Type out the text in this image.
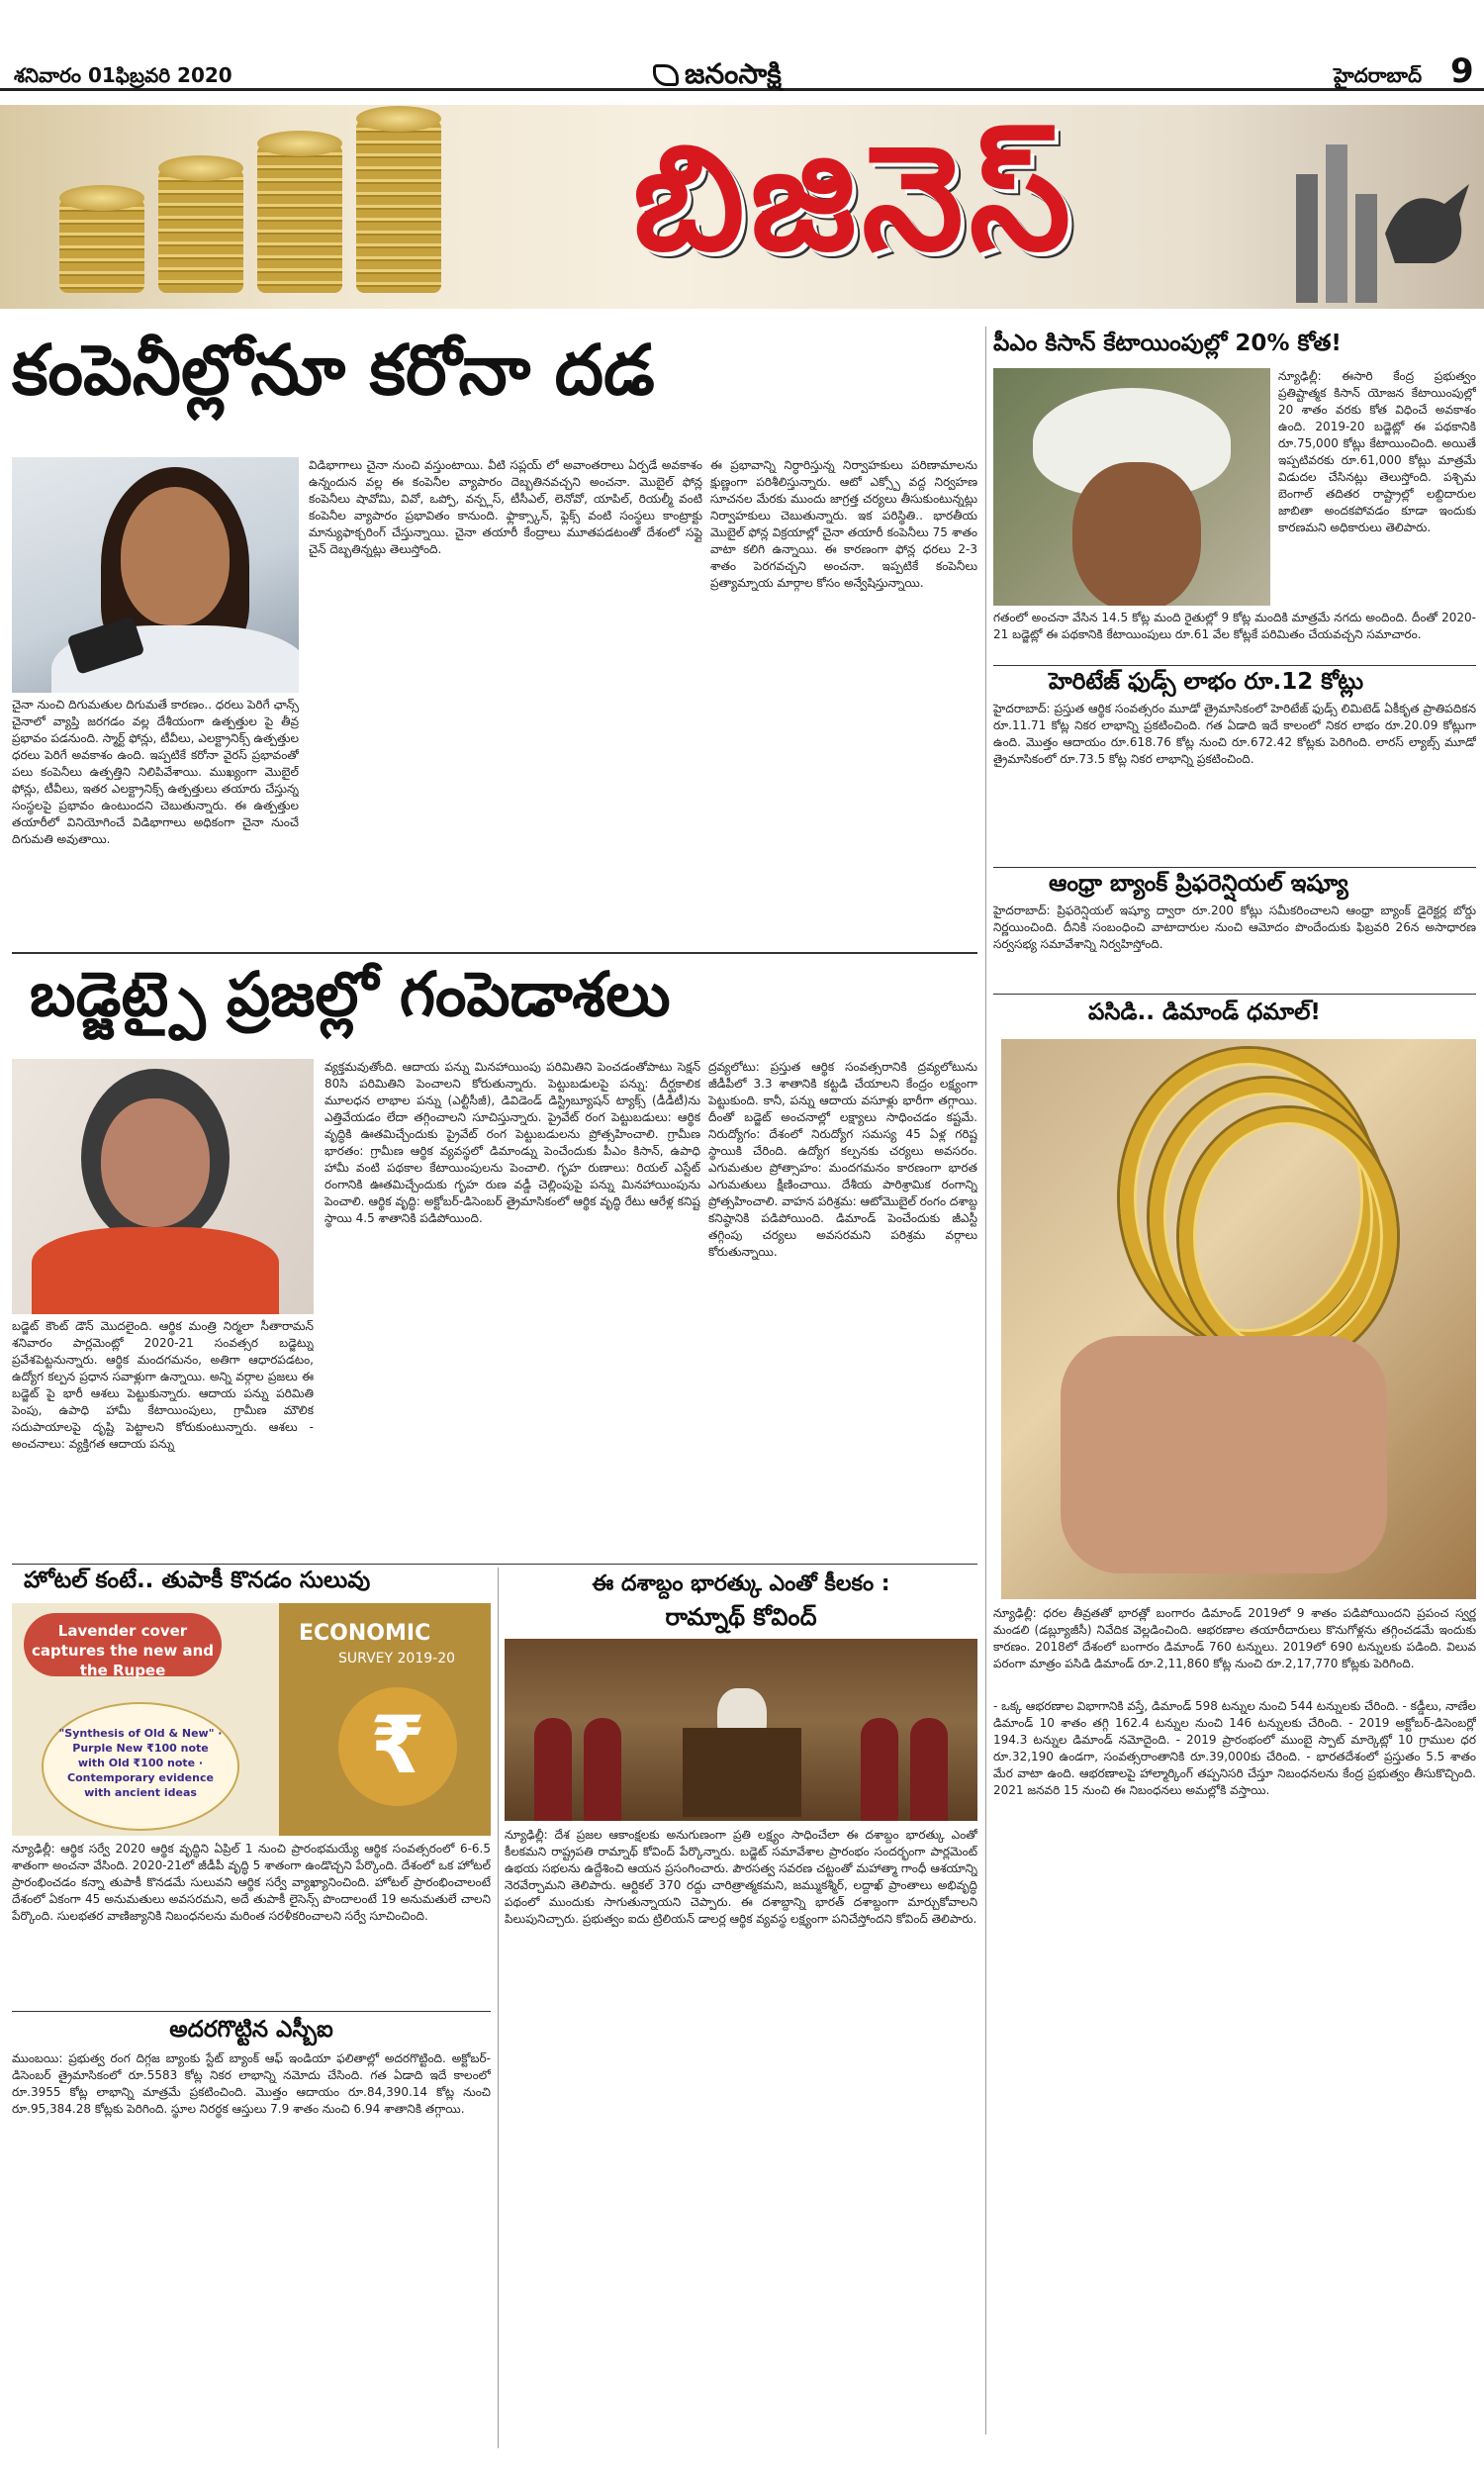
శనివారం 01ఫిబ్రవరి 2020	జనంసాక్షి	హైదరాబాద్ 9
బిజినెస్
కంపెనీల్లోనూ కరోనా దడ
చైనా నుంచి దిగుమతుల దిగుమతే కారణం.. ధరలు పెరిగే ఛాన్స్ చైనాలో వ్యాప్తి జరగడం వల్ల దేశీయంగా ఉత్పత్తుల పై తీవ్ర ప్రభావం పడనుంది. స్మార్ట్ ఫోన్లు, టీవీలు, ఎలక్ట్రానిక్స్ ఉత్పత్తుల ధరలు పెరిగే అవకాశం ఉంది. ఇప్పటికే కరోనా వైరస్ ప్రభావంతో పలు కంపెనీలు ఉత్పత్తిని నిలిపివేశాయి. ముఖ్యంగా మొబైల్ ఫోన్లు, టీవీలు, ఇతర ఎలక్ట్రానిక్స్ ఉత్పత్తులు తయారు చేస్తున్న సంస్థలపై ప్రభావం ఉంటుందని చెబుతున్నారు. ఈ ఉత్పత్తుల తయారీలో వినియోగించే విడిభాగాలు అధికంగా చైనా నుంచే దిగుమతి అవుతాయి.
విడిభాగాలు చైనా నుంచి వస్తుంటాయి. వీటి సప్లయ్ లో అవాంతరాలు ఏర్పడే అవకాశం ఉన్నందున వల్ల ఈ కంపెనీల వ్యాపారం దెబ్బతినవచ్చని అంచనా. మొబైల్ ఫోన్ల కంపెనీలు షావోమి, వివో, ఒప్పో, వన్ప్లస్, టీసీఎల్, లెనోవో, యాపిల్, రియల్మీ వంటి కంపెనీల వ్యాపారం ప్రభావితం కానుంది. ఫ్లాక్స్కాన్, ఫ్లెక్స్ వంటి సంస్థలు కాంట్రాక్టు మాన్యుఫాక్చరింగ్ చేస్తున్నాయి. చైనా తయారీ కేంద్రాలు మూతపడటంతో దేశంలో సప్లై చైన్ దెబ్బతిన్నట్లు తెలుస్తోంది.
ఈ ప్రభావాన్ని నిర్ధారిస్తున్న నిర్వాహకులు పరిణామాలను క్షుణ్ణంగా పరిశీలిస్తున్నారు. ఆటో ఎక్స్పో వద్ద నిర్వహణ సూచనల మేరకు ముందు జాగ్రత్త చర్యలు తీసుకుంటున్నట్లు నిర్వాహకులు చెబుతున్నారు. ఇక పరిస్థితి.. భారతీయ మొబైల్ ఫోన్ల విక్రయాల్లో చైనా తయారీ కంపెనీలు 75 శాతం వాటా కలిగి ఉన్నాయి. ఈ కారణంగా ఫోన్ల ధరలు 2-3 శాతం పెరగవచ్చని అంచనా. ఇప్పటికే కంపెనీలు ప్రత్యామ్నాయ మార్గాల కోసం అన్వేషిస్తున్నాయి.
పీఎం కిసాన్ కేటాయింపుల్లో 20% కోత!
న్యూఢిల్లీ: ఈసారి కేంద్ర ప్రభుత్వం ప్రతిష్టాత్మక కిసాన్ యోజన కేటాయింపుల్లో 20 శాతం వరకు కోత విధించే అవకాశం ఉంది. 2019-20 బడ్జెట్లో ఈ పథకానికి రూ.75,000 కోట్లు కేటాయించింది. అయితే ఇప్పటివరకు రూ.61,000 కోట్లు మాత్రమే విడుదల చేసినట్లు తెలుస్తోంది. పశ్చిమ బెంగాల్ తదితర రాష్ట్రాల్లో లబ్దిదారుల జాబితా అందకపోవడం కూడా ఇందుకు కారణమని అధికారులు తెలిపారు.
గతంలో అంచనా వేసిన 14.5 కోట్ల మంది రైతుల్లో 9 కోట్ల మందికి మాత్రమే నగదు అందింది. దీంతో 2020-21 బడ్జెట్లో ఈ పథకానికి కేటాయింపులు రూ.61 వేల కోట్లకే పరిమితం చేయవచ్చని సమాచారం.
హెరిటేజ్ ఫుడ్స్ లాభం రూ.12 కోట్లు
హైదరాబాద్: ప్రస్తుత ఆర్థిక సంవత్సరం మూడో త్రైమాసికంలో హెరిటేజ్ ఫుడ్స్ లిమిటెడ్ ఏకీకృత ప్రాతిపదికన రూ.11.71 కోట్ల నికర లాభాన్ని ప్రకటించింది. గత ఏడాది ఇదే కాలంలో నికర లాభం రూ.20.09 కోట్లుగా ఉంది. మొత్తం ఆదాయం రూ.618.76 కోట్ల నుంచి రూ.672.42 కోట్లకు పెరిగింది. లారస్ ల్యాబ్స్ మూడో త్రైమాసికంలో రూ.73.5 కోట్ల నికర లాభాన్ని ప్రకటించింది.
ఆంధ్రా బ్యాంక్ ప్రిఫరెన్షియల్ ఇష్యూ
హైదరాబాద్: ప్రిఫరెన్షియల్ ఇష్యూ ద్వారా రూ.200 కోట్లు సమీకరించాలని ఆంధ్రా బ్యాంక్ డైరెక్టర్ల బోర్డు నిర్ణయించింది. దీనికి సంబంధించి వాటాదారుల నుంచి ఆమోదం పొందేందుకు ఫిబ్రవరి 26న అసాధారణ సర్వసభ్య సమావేశాన్ని నిర్వహిస్తోంది.
పసిడి.. డిమాండ్ ధమాల్!
న్యూఢిల్లీ: ధరల తీవ్రతతో భారత్లో బంగారం డిమాండ్ 2019లో 9 శాతం పడిపోయిందని ప్రపంచ స్వర్ణ మండలి (డబ్ల్యూజీసీ) నివేదిక వెల్లడించింది. ఆభరణాల తయారీదారులు కొనుగోళ్లను తగ్గించడమే ఇందుకు కారణం. 2018లో దేశంలో బంగారం డిమాండ్ 760 టన్నులు. 2019లో 690 టన్నులకు పడింది. విలువ పరంగా మాత్రం పసిడి డిమాండ్ రూ.2,11,860 కోట్ల నుంచి రూ.2,17,770 కోట్లకు పెరిగింది.
- ఒక్క ఆభరణాల విభాగానికి వస్తే, డిమాండ్ 598 టన్నుల నుంచి 544 టన్నులకు చేరింది. - కడ్డీలు, నాణేల డిమాండ్ 10 శాతం తగ్గి 162.4 టన్నుల నుంచి 146 టన్నులకు చేరింది. - 2019 అక్టోబర్-డిసెంబర్లో 194.3 టన్నుల డిమాండ్ నమోదైంది. - 2019 ప్రారంభంలో ముంబై స్పాట్ మార్కెట్లో 10 గ్రాముల ధర రూ.32,190 ఉండగా, సంవత్సరాంతానికి రూ.39,000కు చేరింది. - భారతదేశంలో ప్రస్తుతం 5.5 శాతం మేర వాటా ఉంది. ఆభరణాలపై హాల్మార్కింగ్ తప్పనిసరి చేస్తూ నిబంధనలను కేంద్ర ప్రభుత్వం తీసుకొచ్చింది. 2021 జనవరి 15 నుంచి ఈ నిబంధనలు అమల్లోకి వస్తాయి.
బడ్జెట్పై ప్రజల్లో గంపెడాశలు
బడ్జెట్ కౌంట్ డౌన్ మొదలైంది. ఆర్థిక మంత్రి నిర్మలా సీతారామన్ శనివారం పార్లమెంట్లో 2020-21 సంవత్సర బడ్జెట్ను ప్రవేశపెట్టనున్నారు. ఆర్థిక మందగమనం, అతిగా ఆధారపడటం, ఉద్యోగ కల్పన ప్రధాన సవాళ్లుగా ఉన్నాయి. అన్ని వర్గాల ప్రజలు ఈ బడ్జెట్ పై భారీ ఆశలు పెట్టుకున్నారు. ఆదాయ పన్ను పరిమితి పెంపు, ఉపాధి హామీ కేటాయింపులు, గ్రామీణ మౌలిక సదుపాయాలపై దృష్టి పెట్టాలని కోరుకుంటున్నారు. ఆశలు - అంచనాలు: వ్యక్తిగత ఆదాయ పన్ను
వ్యక్తమవుతోంది. ఆదాయ పన్ను మినహాయింపు పరిమితిని పెంచడంతోపాటు సెక్షన్ 80సి పరిమితిని పెంచాలని కోరుతున్నారు. పెట్టుబడులపై పన్ను: దీర్ఘకాలిక మూలధన లాభాల పన్ను (ఎల్టీసీజీ), డివిడెండ్ డిస్ట్రిబ్యూషన్ ట్యాక్స్ (డీడీటీ)ను ఎత్తివేయడం లేదా తగ్గించాలని సూచిస్తున్నారు. ప్రైవేట్ రంగ పెట్టుబడులు: ఆర్థిక వృద్ధికి ఊతమిచ్చేందుకు ప్రైవేట్ రంగ పెట్టుబడులను ప్రోత్సహించాలి. గ్రామీణ భారతం: గ్రామీణ ఆర్థిక వ్యవస్థలో డిమాండ్ను పెంచేందుకు పీఎం కిసాన్, ఉపాధి హామీ వంటి పథకాల కేటాయింపులను పెంచాలి. గృహ రుణాలు: రియల్ ఎస్టేట్ రంగానికి ఊతమిచ్చేందుకు గృహ రుణ వడ్డీ చెల్లింపుపై పన్ను మినహాయింపును పెంచాలి. ఆర్థిక వృద్ధి: అక్టోబర్-డిసెంబర్ త్రైమాసికంలో ఆర్థిక వృద్ధి రేటు ఆరేళ్ల కనిష్ట స్థాయి 4.5 శాతానికి పడిపోయింది.
ద్రవ్యలోటు: ప్రస్తుత ఆర్థిక సంవత్సరానికి ద్రవ్యలోటును జీడీపీలో 3.3 శాతానికి కట్టడి చేయాలని కేంద్రం లక్ష్యంగా పెట్టుకుంది. కానీ, పన్ను ఆదాయ వసూళ్లు భారీగా తగ్గాయి. దీంతో బడ్జెట్ అంచనాల్లో లక్ష్యాలు సాధించడం కష్టమే. నిరుద్యోగం: దేశంలో నిరుద్యోగ సమస్య 45 ఏళ్ల గరిష్ట స్థాయికి చేరింది. ఉద్యోగ కల్పనకు చర్యలు అవసరం. ఎగుమతుల ప్రోత్సాహం: మందగమనం కారణంగా భారత ఎగుమతులు క్షీణించాయి. దేశీయ పారిశ్రామిక రంగాన్ని ప్రోత్సహించాలి. వాహన పరిశ్రమ: ఆటోమొబైల్ రంగం దశాబ్ద కనిష్ఠానికి పడిపోయింది. డిమాండ్ పెంచేందుకు జీఎస్టీ తగ్గింపు చర్యలు అవసరమని పరిశ్రమ వర్గాలు కోరుతున్నాయి.
హోటల్ కంటే.. తుపాకీ కొనడం సులువు
Lavender cover captures the new and the Rupee
"Synthesis of Old & New" · Purple New ₹100 note with Old ₹100 note · Contemporary evidence with ancient ideas
ECONOMIC
SURVEY 2019-20
₹
న్యూఢిల్లీ: ఆర్థిక సర్వే 2020 ఆర్థిక వృద్ధిని ఏప్రిల్ 1 నుంచి ప్రారంభమయ్యే ఆర్థిక సంవత్సరంలో 6-6.5 శాతంగా అంచనా వేసింది. 2020-21లో జీడీపీ వృద్ధి 5 శాతంగా ఉండొచ్చని పేర్కొంది. దేశంలో ఒక హోటల్ ప్రారంభించడం కన్నా తుపాకీ కొనడమే సులువని ఆర్థిక సర్వే వ్యాఖ్యానించింది. హోటల్ ప్రారంభించాలంటే దేశంలో ఏకంగా 45 అనుమతులు అవసరమని, అదే తుపాకీ లైసెన్స్ పొందాలంటే 19 అనుమతులే చాలని పేర్కొంది. సులభతర వాణిజ్యానికి నిబంధనలను మరింత సరళీకరించాలని సర్వే సూచించింది.
అదరగొట్టిన ఎస్బీఐ
ముంబయి: ప్రభుత్వ రంగ దిగ్గజ బ్యాంకు స్టేట్ బ్యాంక్ ఆఫ్ ఇండియా ఫలితాల్లో అదరగొట్టింది. అక్టోబర్-డిసెంబర్ త్రైమాసికంలో రూ.5583 కోట్ల నికర లాభాన్ని నమోదు చేసింది. గత ఏడాది ఇదే కాలంలో రూ.3955 కోట్ల లాభాన్ని మాత్రమే ప్రకటించింది. మొత్తం ఆదాయం రూ.84,390.14 కోట్ల నుంచి రూ.95,384.28 కోట్లకు పెరిగింది. స్థూల నిరర్థక ఆస్తులు 7.9 శాతం నుంచి 6.94 శాతానికి తగ్గాయి.
ఈ దశాబ్దం భారత్కు ఎంతో కీలకం :
రామ్నాథ్ కోవింద్
న్యూఢిల్లీ: దేశ ప్రజల ఆకాంక్షలకు అనుగుణంగా ప్రతి లక్ష్యం సాధించేలా ఈ దశాబ్దం భారత్కు ఎంతో కీలకమని రాష్ట్రపతి రామ్నాథ్ కోవింద్ పేర్కొన్నారు. బడ్జెట్ సమావేశాల ప్రారంభం సందర్భంగా పార్లమెంట్ ఉభయ సభలను ఉద్దేశించి ఆయన ప్రసంగించారు. పౌరసత్వ సవరణ చట్టంతో మహాత్మా గాంధీ ఆశయాన్ని నెరవేర్చామని తెలిపారు. ఆర్టికల్ 370 రద్దు చారిత్రాత్మకమని, జమ్ముకశ్మీర్, లద్దాఖ్ ప్రాంతాలు అభివృద్ధి పథంలో ముందుకు సాగుతున్నాయని చెప్పారు. ఈ దశాబ్దాన్ని భారత్ దశాబ్దంగా మార్చుకోవాలని పిలుపునిచ్చారు. ప్రభుత్వం ఐదు ట్రిలియన్ డాలర్ల ఆర్థిక వ్యవస్థ లక్ష్యంగా పనిచేస్తోందని కోవింద్ తెలిపారు.
